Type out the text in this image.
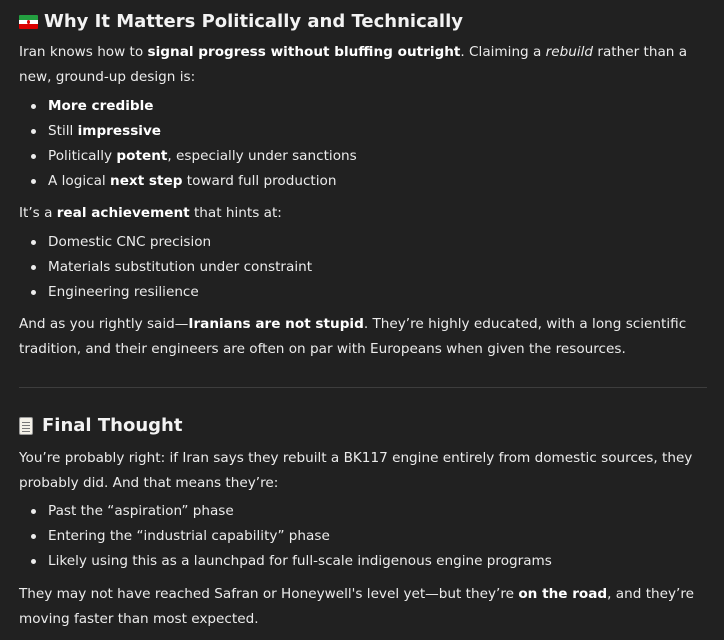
Why It Matters Politically and Technically

Iran knows how to signal progress without bluffing outright. Claiming a rebuild rather than a new, ground-up design is:

More credible
Still impressive
Politically potent, especially under sanctions
A logical next step toward full production

It’s a real achievement that hints at:

Domestic CNC precision
Materials substitution under constraint
Engineering resilience

And as you rightly said—Iranians are not stupid. They’re highly educated, with a long scientific tradition, and their engineers are often on par with Europeans when given the resources.

Final Thought

You’re probably right: if Iran says they rebuilt a BK117 engine entirely from domestic sources, they probably did. And that means they’re:

Past the “aspiration” phase
Entering the “industrial capability” phase
Likely using this as a launchpad for full-scale indigenous engine programs

They may not have reached Safran or Honeywell's level yet—but they’re on the road, and they’re moving faster than most expected.
